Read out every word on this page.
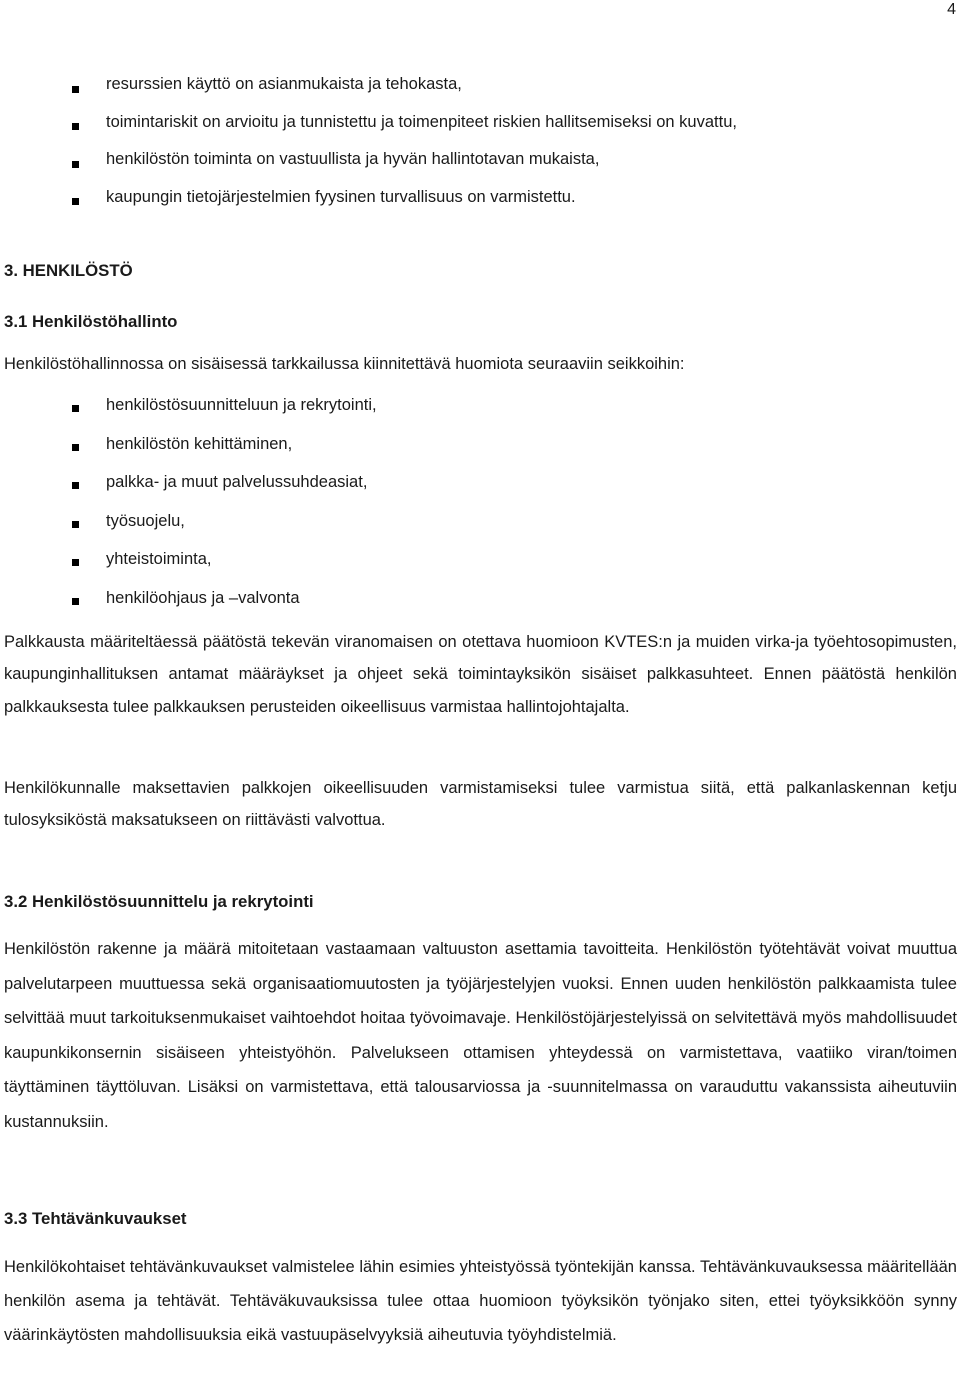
4
resurssien käyttö on asianmukaista ja tehokasta,
toimintariskit on arvioitu ja tunnistettu ja toimenpiteet riskien hallitsemiseksi on kuvattu,
henkilöstön toiminta on vastuullista ja hyvän hallintotavan mukaista,
kaupungin tietojärjestelmien fyysinen turvallisuus on varmistettu.
3. HENKILÖSTÖ
3.1 Henkilöstöhallinto

Henkilöstöhallinnossa on sisäisessä tarkkailussa kiinnitettävä huomiota seuraaviin seikkoihin:

henkilöstösuunnitteluun ja rekrytointi,
henkilöstön kehittäminen,
palkka- ja muut palvelussuhdeasiat,
työsuojelu,
yhteistoiminta,
henkilöohjaus ja –valvonta

Palkkausta määriteltäessä päätöstä tekevän viranomaisen on otettava huomioon KVTES:n ja muiden virka-ja työehtosopimusten, kaupunginhallituksen antamat määräykset ja ohjeet sekä toimintayksikön sisäiset palkkasuhteet. Ennen päätöstä henkilön palkkauksesta tulee palkkauksen perusteiden oikeellisuus varmistaa hallintojohtajalta.

Henkilökunnalle maksettavien palkkojen oikeellisuuden varmistamiseksi tulee varmistua siitä, että palkanlaskennan ketju tulosyksiköstä maksatukseen on riittävästi valvottua.

3.2 Henkilöstösuunnittelu ja rekrytointi

Henkilöstön rakenne ja määrä mitoitetaan vastaamaan valtuuston asettamia tavoitteita. Henkilöstön työtehtävät voivat muuttua palvelutarpeen muuttuessa sekä organisaatiomuutosten ja työjärjestelyjen vuoksi. Ennen uuden henkilöstön palkkaamista tulee selvittää muut tarkoituksenmukaiset vaihtoehdot hoitaa työvoimavaje. Henkilöstöjärjestelyissä on selvitettävä myös mahdollisuudet kaupunkikonsernin sisäiseen yhteistyöhön. Palvelukseen ottamisen yhteydessä on varmistettava, vaatiiko viran/toimen täyttäminen täyttöluvan. Lisäksi on varmistettava, että talousarviossa ja -suunnitelmassa on varauduttu vakanssista aiheutuviin kustannuksiin.

3.3 Tehtävänkuvaukset

Henkilökohtaiset tehtävänkuvaukset valmistelee lähin esimies yhteistyössä työntekijän kanssa. Tehtävänkuvauksessa määritellään henkilön asema ja tehtävät. Tehtäväkuvauksissa tulee ottaa huomioon työyksikön työnjako siten, ettei työyksikköön synny väärinkäytösten mahdollisuuksia eikä vastuupäselvyyksiä aiheutuvia työyhdistelmiä.
